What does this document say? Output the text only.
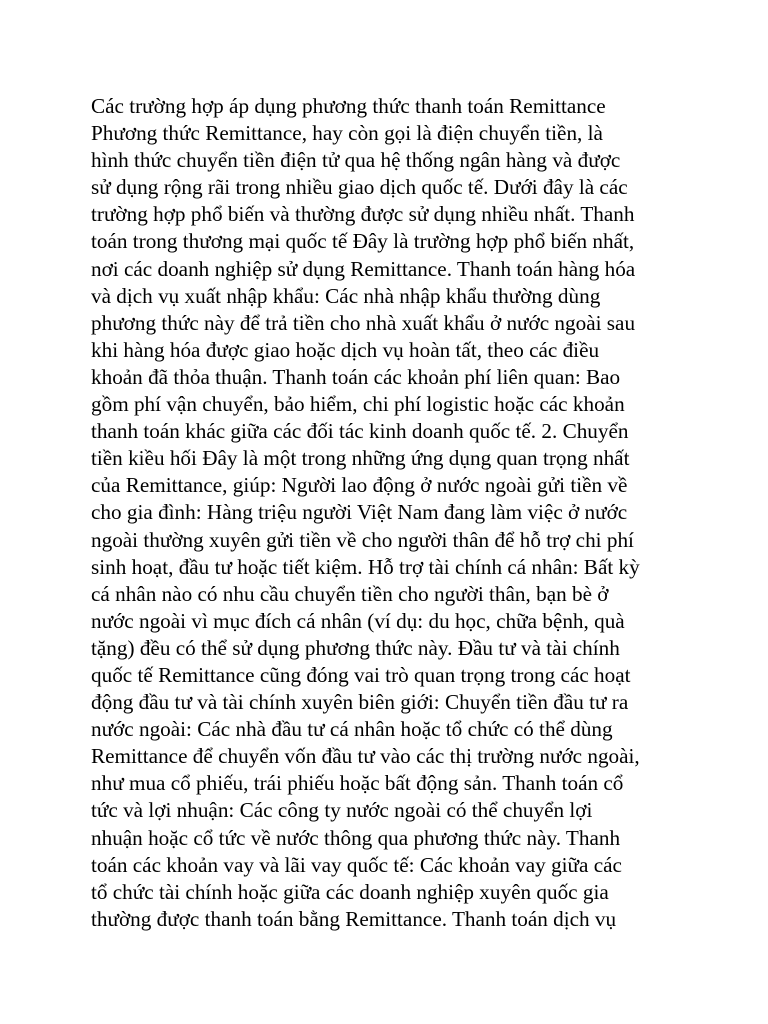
Các trường hợp áp dụng phương thức thanh toán Remittance
Phương thức Remittance, hay còn gọi là điện chuyển tiền, là
hình thức chuyển tiền điện tử qua hệ thống ngân hàng và được
sử dụng rộng rãi trong nhiều giao dịch quốc tế. Dưới đây là các
trường hợp phổ biến và thường được sử dụng nhiều nhất. Thanh
toán trong thương mại quốc tế Đây là trường hợp phổ biến nhất,
nơi các doanh nghiệp sử dụng Remittance. Thanh toán hàng hóa
và dịch vụ xuất nhập khẩu: Các nhà nhập khẩu thường dùng
phương thức này để trả tiền cho nhà xuất khẩu ở nước ngoài sau
khi hàng hóa được giao hoặc dịch vụ hoàn tất, theo các điều
khoản đã thỏa thuận. Thanh toán các khoản phí liên quan: Bao
gồm phí vận chuyển, bảo hiểm, chi phí logistic hoặc các khoản
thanh toán khác giữa các đối tác kinh doanh quốc tế. 2. Chuyển
tiền kiều hối Đây là một trong những ứng dụng quan trọng nhất
của Remittance, giúp: Người lao động ở nước ngoài gửi tiền về
cho gia đình: Hàng triệu người Việt Nam đang làm việc ở nước
ngoài thường xuyên gửi tiền về cho người thân để hỗ trợ chi phí
sinh hoạt, đầu tư hoặc tiết kiệm. Hỗ trợ tài chính cá nhân: Bất kỳ
cá nhân nào có nhu cầu chuyển tiền cho người thân, bạn bè ở
nước ngoài vì mục đích cá nhân (ví dụ: du học, chữa bệnh, quà
tặng) đều có thể sử dụng phương thức này. Đầu tư và tài chính
quốc tế Remittance cũng đóng vai trò quan trọng trong các hoạt
động đầu tư và tài chính xuyên biên giới: Chuyển tiền đầu tư ra
nước ngoài: Các nhà đầu tư cá nhân hoặc tổ chức có thể dùng
Remittance để chuyển vốn đầu tư vào các thị trường nước ngoài,
như mua cổ phiếu, trái phiếu hoặc bất động sản. Thanh toán cổ
tức và lợi nhuận: Các công ty nước ngoài có thể chuyển lợi
nhuận hoặc cổ tức về nước thông qua phương thức này. Thanh
toán các khoản vay và lãi vay quốc tế: Các khoản vay giữa các
tổ chức tài chính hoặc giữa các doanh nghiệp xuyên quốc gia
thường được thanh toán bằng Remittance. Thanh toán dịch vụ
